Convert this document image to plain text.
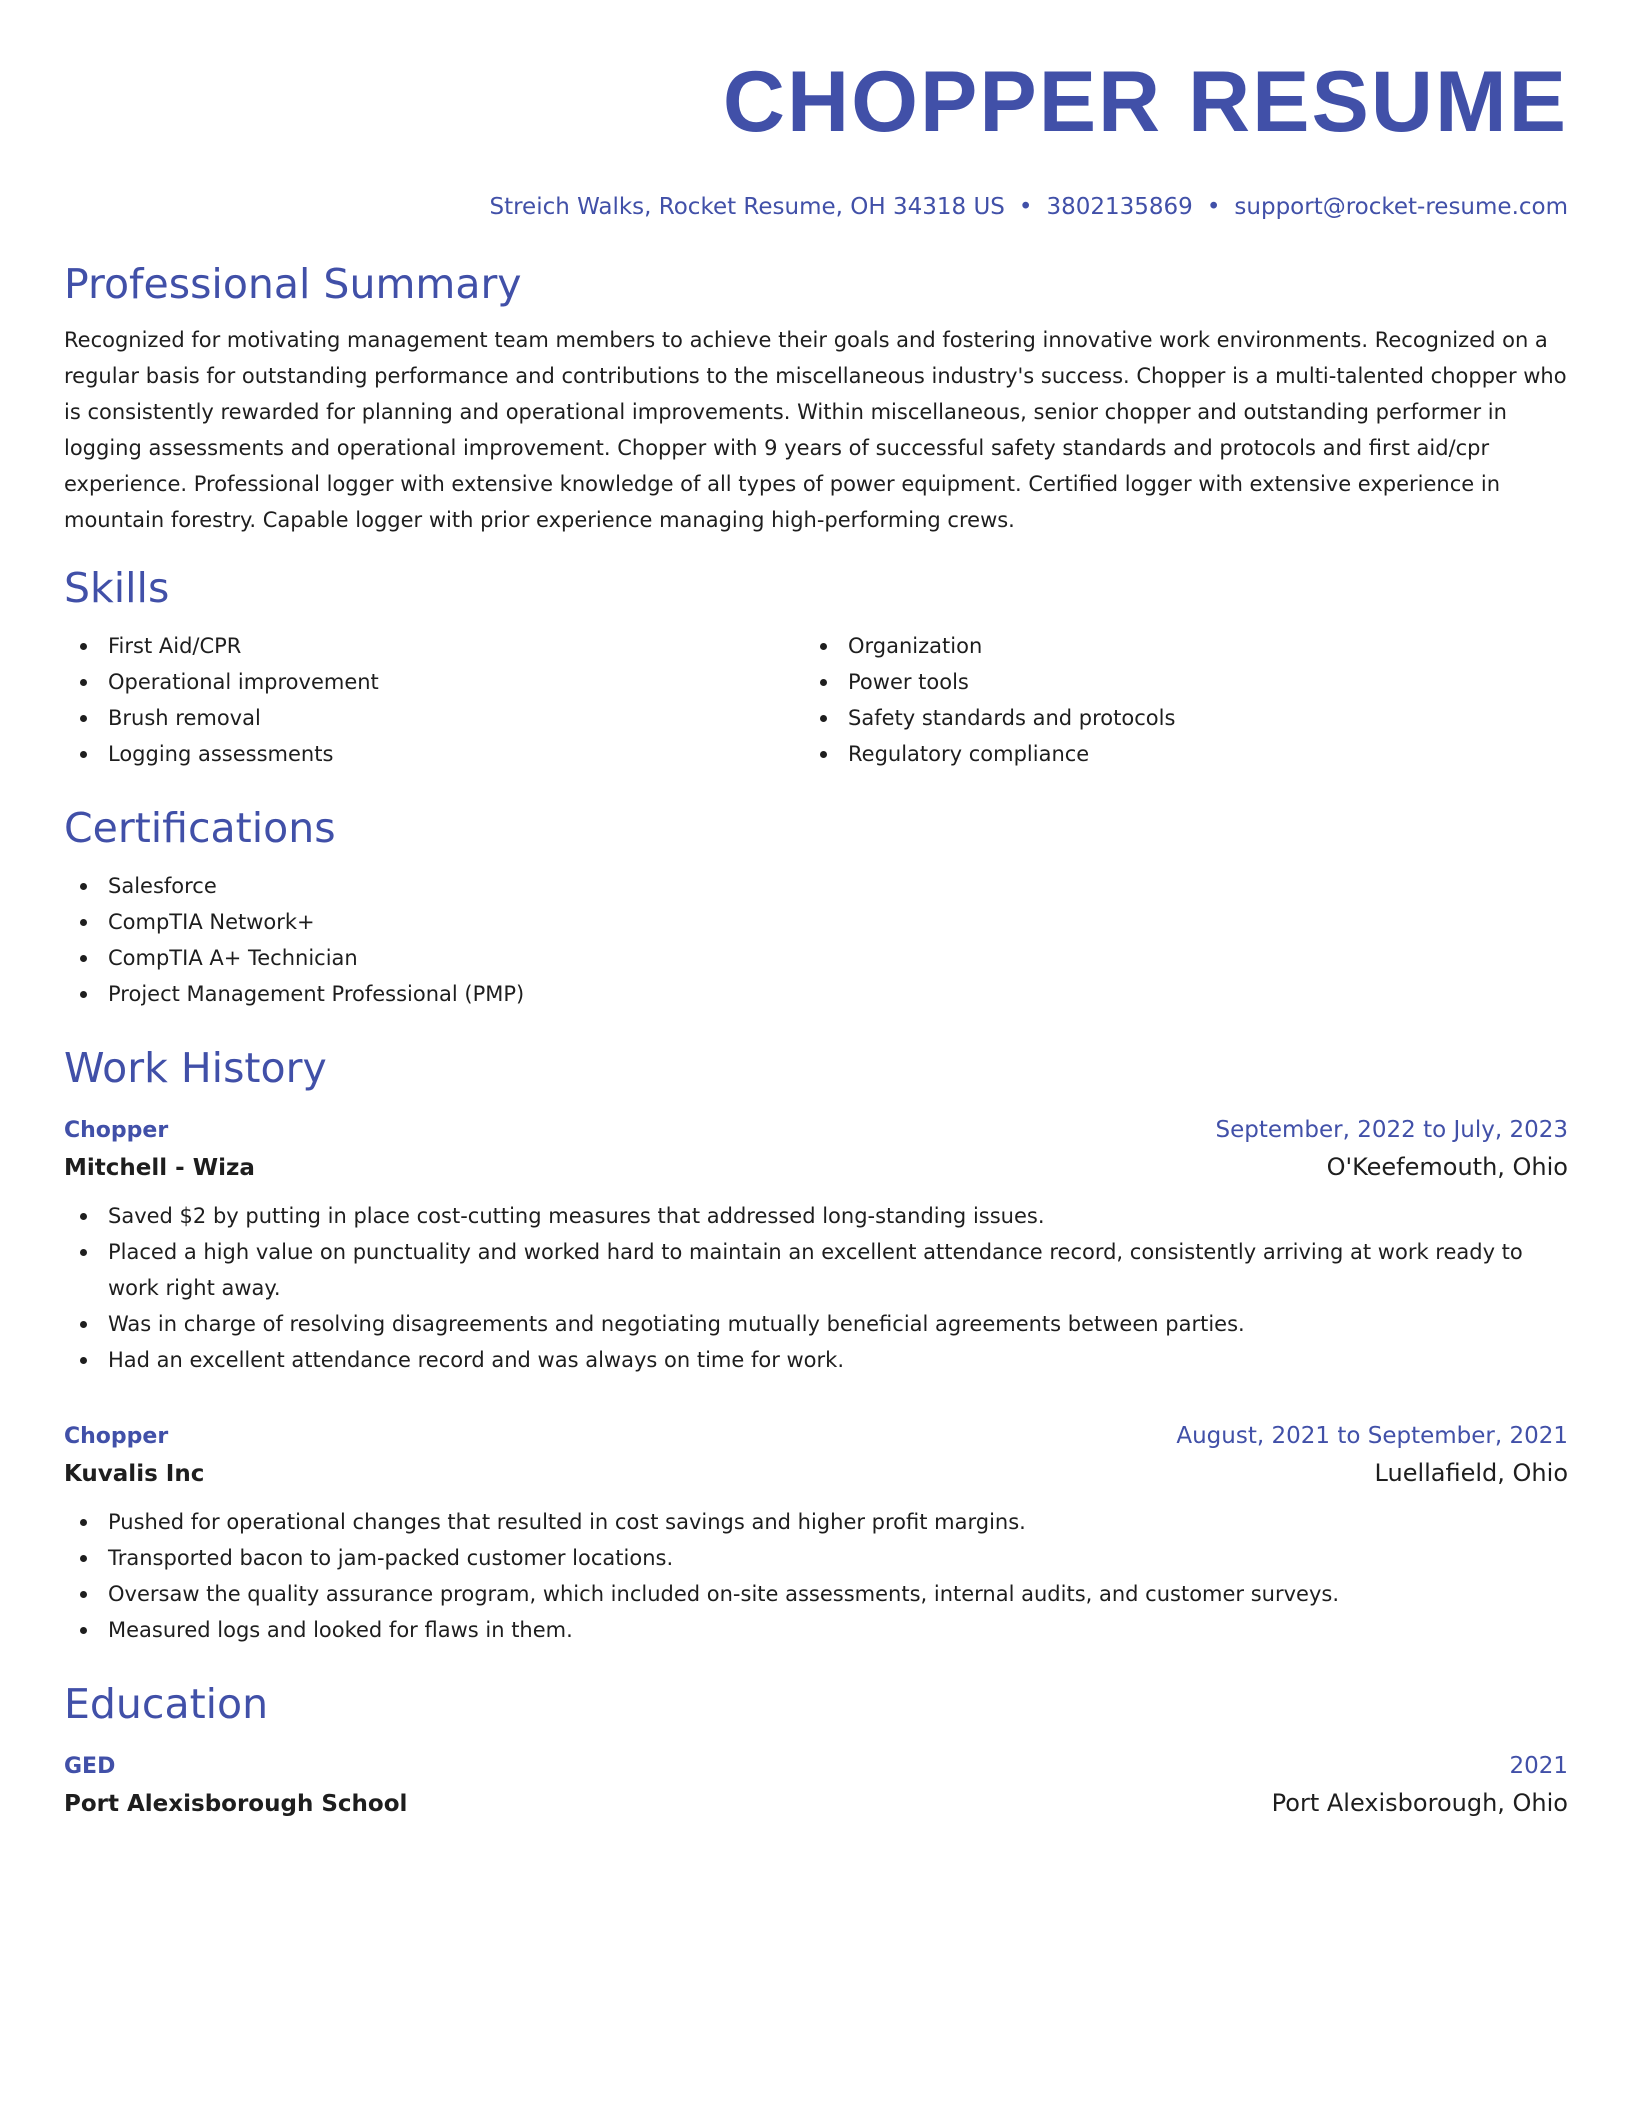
CHOPPER RESUME
Streich Walks, Rocket Resume, OH 34318 US • 3802135869 • support@rocket-resume.com
Professional Summary
Recognized for motivating management team members to achieve their goals and fostering innovative work environments. Recognized on a regular basis for outstanding performance and contributions to the miscellaneous industry's success. Chopper is a multi-talented chopper who is consistently rewarded for planning and operational improvements. Within miscellaneous, senior chopper and outstanding performer in logging assessments and operational improvement. Chopper with 9 years of successful safety standards and protocols and first aid/cpr experience. Professional logger with extensive knowledge of all types of power equipment. Certified logger with extensive experience in mountain forestry. Capable logger with prior experience managing high-performing crews.
Skills
First Aid/CPR
Operational improvement
Brush removal
Logging assessments
Organization
Power tools
Safety standards and protocols
Regulatory compliance
Certifications
Salesforce
CompTIA Network+
CompTIA A+ Technician
Project Management Professional (PMP)
Work History
Chopper	September, 2022 to July, 2023
Mitchell - Wiza	O'Keefemouth, Ohio
Saved $2 by putting in place cost-cutting measures that addressed long-standing issues.
Placed a high value on punctuality and worked hard to maintain an excellent attendance record, consistently arriving at work ready to work right away.
Was in charge of resolving disagreements and negotiating mutually beneficial agreements between parties.
Had an excellent attendance record and was always on time for work.
Chopper	August, 2021 to September, 2021
Kuvalis Inc	Luellafield, Ohio
Pushed for operational changes that resulted in cost savings and higher profit margins.
Transported bacon to jam-packed customer locations.
Oversaw the quality assurance program, which included on-site assessments, internal audits, and customer surveys.
Measured logs and looked for flaws in them.
Education
GED	2021
Port Alexisborough School	Port Alexisborough, Ohio
